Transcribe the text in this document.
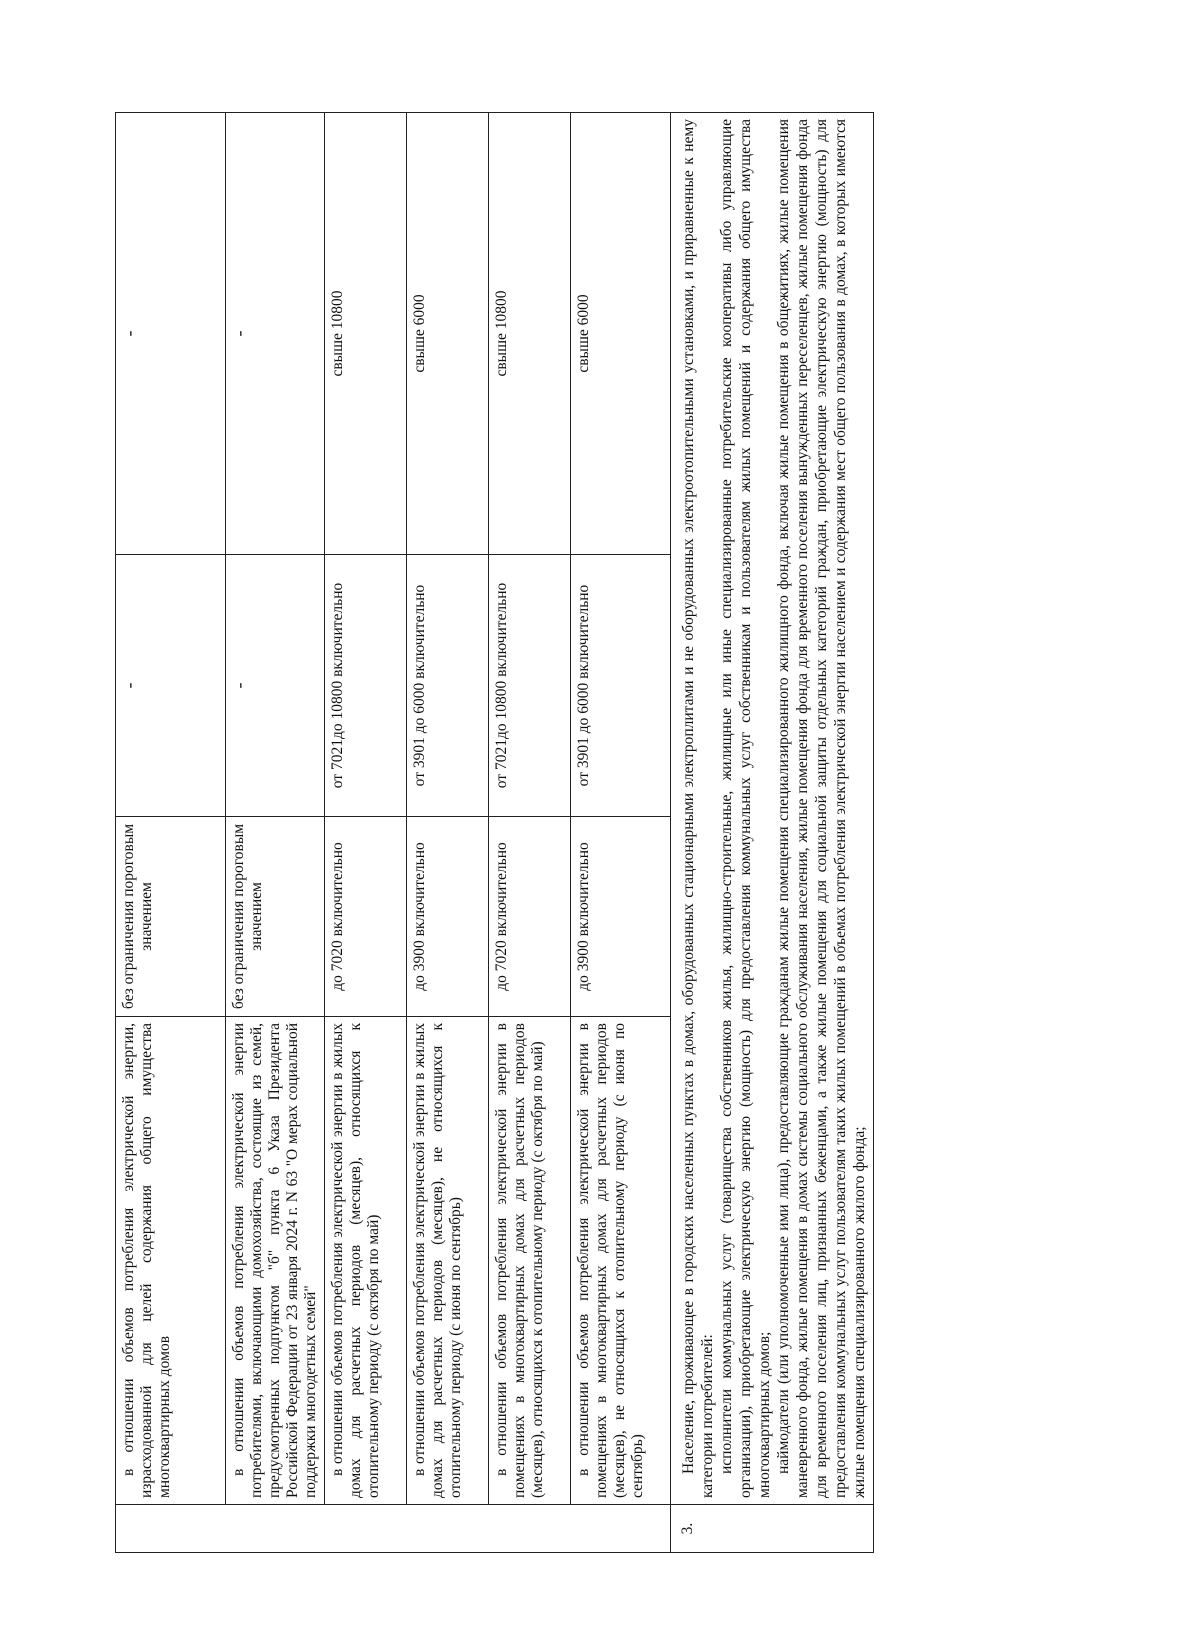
	в отношении объемов потребления электрической энергии, израсходованной для целей содержания общего имущества многоквартирных домов	без ограничения пороговым значением	-	-
	в отношении объемов потребления электрической энергии потребителями, включающими домохозяйства, состоящие из семей, предусмотренных подпунктом "б" пункта 6 Указа Президента Российской Федерации от 23 января 2024 г. N 63 "О мерах социальной поддержки многодетных семей"	без ограничения пороговым значением	-	-
	в отношении объемов потребления электрической энергии в жилых домах для расчетных периодов (месяцев), относящихся к отопительному периоду (с октября по май)	до 7020 включительно	от 7021до 10800 включительно	свыше 10800
	в отношении объемов потребления электрической энергии в жилых домах для расчетных периодов (месяцев), не относящихся к отопительному периоду (с июня по сентябрь)	до 3900 включительно	от 3901 до 6000 включительно	свыше 6000
	в отношении объемов потребления электрической энергии в помещениях в многоквартирных домах для расчетных периодов (месяцев), относящихся к отопительному периоду (с октября по май)	до 7020 включительно	от 7021до 10800 включительно	свыше 10800
	в отношении объемов потребления электрической энергии в помещениях в многоквартирных домах для расчетных периодов (месяцев), не относящихся к отопительному периоду (с июня по сентябрь)	до 3900 включительно	от 3901 до 6000 включительно	свыше 6000
3.	Население, проживающее в городских населенных пунктах в домах, оборудованных стационарными электроплитами и не оборудованных электроотопительными установками, и приравненные к нему категории потребителей: исполнители коммунальных услуг (товарищества собственников жилья, жилищно-строительные, жилищные или иные специализированные потребительские кооперативы либо управляющие организации), приобретающие электрическую энергию (мощность) для предоставления коммунальных услуг собственникам и пользователям жилых помещений и содержания общего имущества многоквартирных домов; наймодатели (или уполномоченные ими лица), предоставляющие гражданам жилые помещения специализированного жилищного фонда, включая жилые помещения в общежитиях, жилые помещения маневренного фонда, жилые помещения в домах системы социального обслуживания населения, жилые помещения фонда для временного поселения вынужденных переселенцев, жилые помещения фонда для временного поселения лиц, признанных беженцами, а также жилые помещения для социальной защиты отдельных категорий граждан, приобретающие электрическую энергию (мощность) для предоставления коммунальных услуг пользователям таких жилых помещений в объемах потребления электрической энергии населением и содержания мест общего пользования в домах, в которых имеются жилые помещения специализированного жилого фонда;			
